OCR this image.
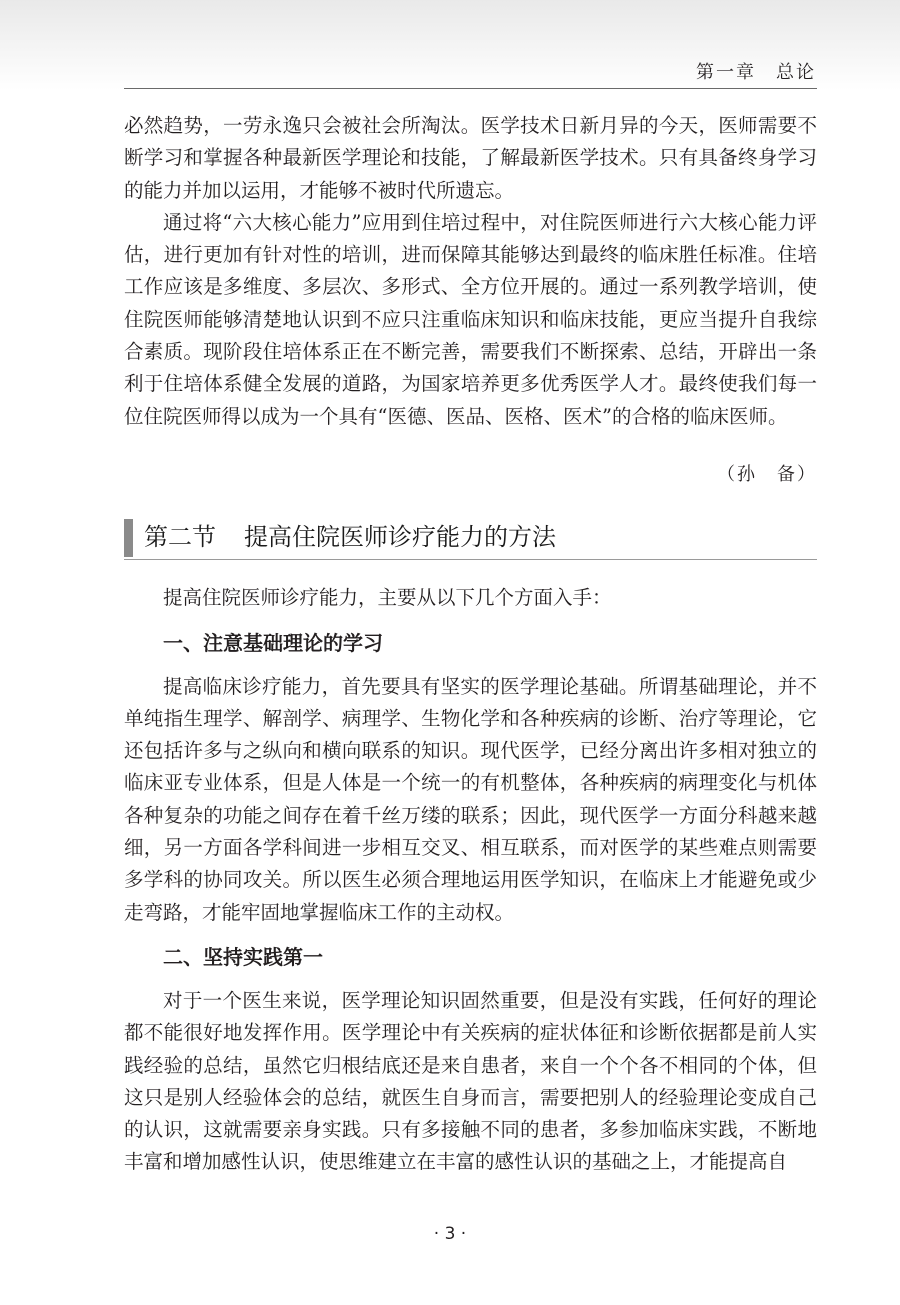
第一章　总论

必然趋势，一劳永逸只会被社会所淘汰。医学技术日新月异的今天，医师需要不断学习和掌握各种最新医学理论和技能，了解最新医学技术。只有具备终身学习的能力并加以运用，才能够不被时代所遗忘。

通过将“六大核心能力”应用到住培过程中，对住院医师进行六大核心能力评估，进行更加有针对性的培训，进而保障其能够达到最终的临床胜任标准。住培工作应该是多维度、多层次、多形式、全方位开展的。通过一系列教学培训，使住院医师能够清楚地认识到不应只注重临床知识和临床技能，更应当提升自我综合素质。现阶段住培体系正在不断完善，需要我们不断探索、总结，开辟出一条利于住培体系健全发展的道路，为国家培养更多优秀医学人才。最终使我们每一位住院医师得以成为一个具有“医德、医品、医格、医术”的合格的临床医师。

（孙　备）
第二节 提高住院医师诊疗能力的方法

提高住院医师诊疗能力，主要从以下几个方面入手：

一、注意基础理论的学习

提高临床诊疗能力，首先要具有坚实的医学理论基础。所谓基础理论，并不单纯指生理学、解剖学、病理学、生物化学和各种疾病的诊断、治疗等理论，它还包括许多与之纵向和横向联系的知识。现代医学，已经分离出许多相对独立的临床亚专业体系，但是人体是一个统一的有机整体，各种疾病的病理变化与机体各种复杂的功能之间存在着千丝万缕的联系；因此，现代医学一方面分科越来越细，另一方面各学科间进一步相互交叉、相互联系，而对医学的某些难点则需要多学科的协同攻关。所以医生必须合理地运用医学知识，在临床上才能避免或少走弯路，才能牢固地掌握临床工作的主动权。

二、坚持实践第一

对于一个医生来说，医学理论知识固然重要，但是没有实践，任何好的理论都不能很好地发挥作用。医学理论中有关疾病的症状体征和诊断依据都是前人实践经验的总结，虽然它归根结底还是来自患者，来自一个个各不相同的个体，但这只是别人经验体会的总结，就医生自身而言，需要把别人的经验理论变成自己的认识，这就需要亲身实践。只有多接触不同的患者，多参加临床实践，不断地丰富和增加感性认识，使思维建立在丰富的感性认识的基础之上，才能提高自

· 3 ·
